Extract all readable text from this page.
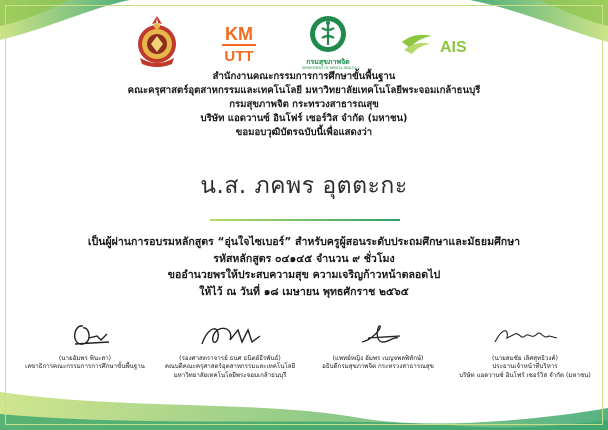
KM
UTT	กรมสุขภาพจิต
DEPARTMENT OF MENTAL HEALTH
AIS
สำนักงานคณะกรรมการการศึกษาขั้นพื้นฐาน
คณะครุศาสตร์อุตสาหกรรมและเทคโนโลยี มหาวิทยาลัยเทคโนโลยีพระจอมเกล้าธนบุรี
กรมสุขภาพจิต กระทรวงสาธารณสุข
บริษัท แอดวานซ์ อินโฟร์ เซอร์วิส จำกัด (มหาชน)
ขอมอบวุฒิบัตรฉบับนี้เพื่อแสดงว่า
น.ส. ภคพร อุตตะกะ
เป็นผู้ผ่านการอบรมหลักสูตร “อุ่นใจไซเบอร์” สำหรับครูผู้สอนระดับประถมศึกษาและมัธยมศึกษา
รหัสหลักสูตร ๐๔๑๔๕ จำนวน ๙ ชั่วโมง
ขออำนวยพรให้ประสบความสุข ความเจริญก้าวหน้าตลอดไป
ให้ไว้ ณ วันที่ ๑๘ เมษายน พุทธศักราช ๒๕๖๕
(นายอัมพร พินะสา)
เลขาธิการคณะกรรมการการศึกษาขั้นพื้นฐาน
(รองศาสตราจารย์ ธนศ ธนิตย์ธีรพันธ์)
คณบดีคณะครุศาสตร์อุตสาหกรรมและเทคโนโลยี
มหาวิทยาลัยเทคโนโลยีพระจอมเกล้าธนบุรี
(แพทย์หญิง อัมพร เบญจพลพิทักษ์)
อธิบดีกรมสุขภาพจิต กระทรวงสาธารณสุข
(นายสมชัย เลิศสุทธิวงค์)
ประธานเจ้าหน้าที่บริหาร
บริษัท แอดวานซ์ อินโฟร์ เซอร์วิส จำกัด (มหาชน)
